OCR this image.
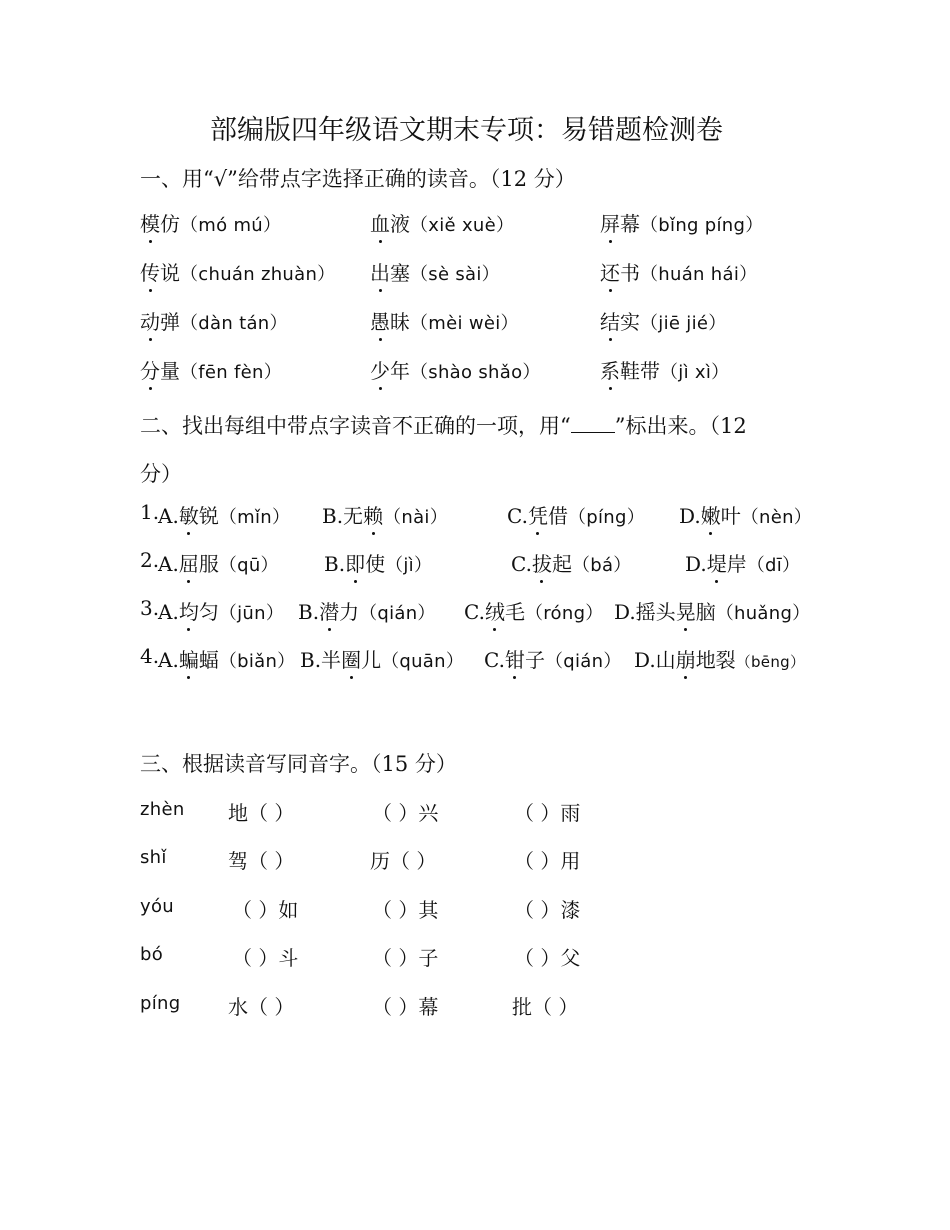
部编版四年级语文期末专项：易错题检测卷
一、用“√”给带点字选择正确的读音。（12 分）
模仿（mó mú）	血液（xiě xuè）	屏幕（bǐng píng）
传说（chuán zhuàn） 出塞（sè sài）	还书（huán hái）
动弹（dàn tán）	愚昧（mèi wèi）	结实（jiē jié）
分量（fēn fèn）	少年（shào shǎo）	系鞋带（jì xì）
二、找出每组中带点字读音不正确的一项，用“ ”标出来。（12
分）
1.
A.敏锐（mǐn） B.无赖（nài）	C.凭借（píng） D.嫩叶（nèn）
2.
A.屈服（qū） B.即使（jì）	C.拔起（bá）	D.堤岸（dī）
3.
A.均匀（jūn） B.潜力（qián） C.绒毛（róng） D.摇头晃脑（huǎng）
4.
A.蝙蝠（biǎn） B.半圈儿（quān） C.钳子（qián） D.山崩地裂（bēng）
三、根据读音写同音字。（15 分）
zhèn 地（ ）	（ ）兴	（ ）雨
shǐ	驾（ ）	历（ ）	（ ）用
yóu	（ ）如	（ ）其	（ ）漆
bó	（ ）斗	（ ）子	（ ）父
píng 水（ ）	（ ）幕	批（ ）
